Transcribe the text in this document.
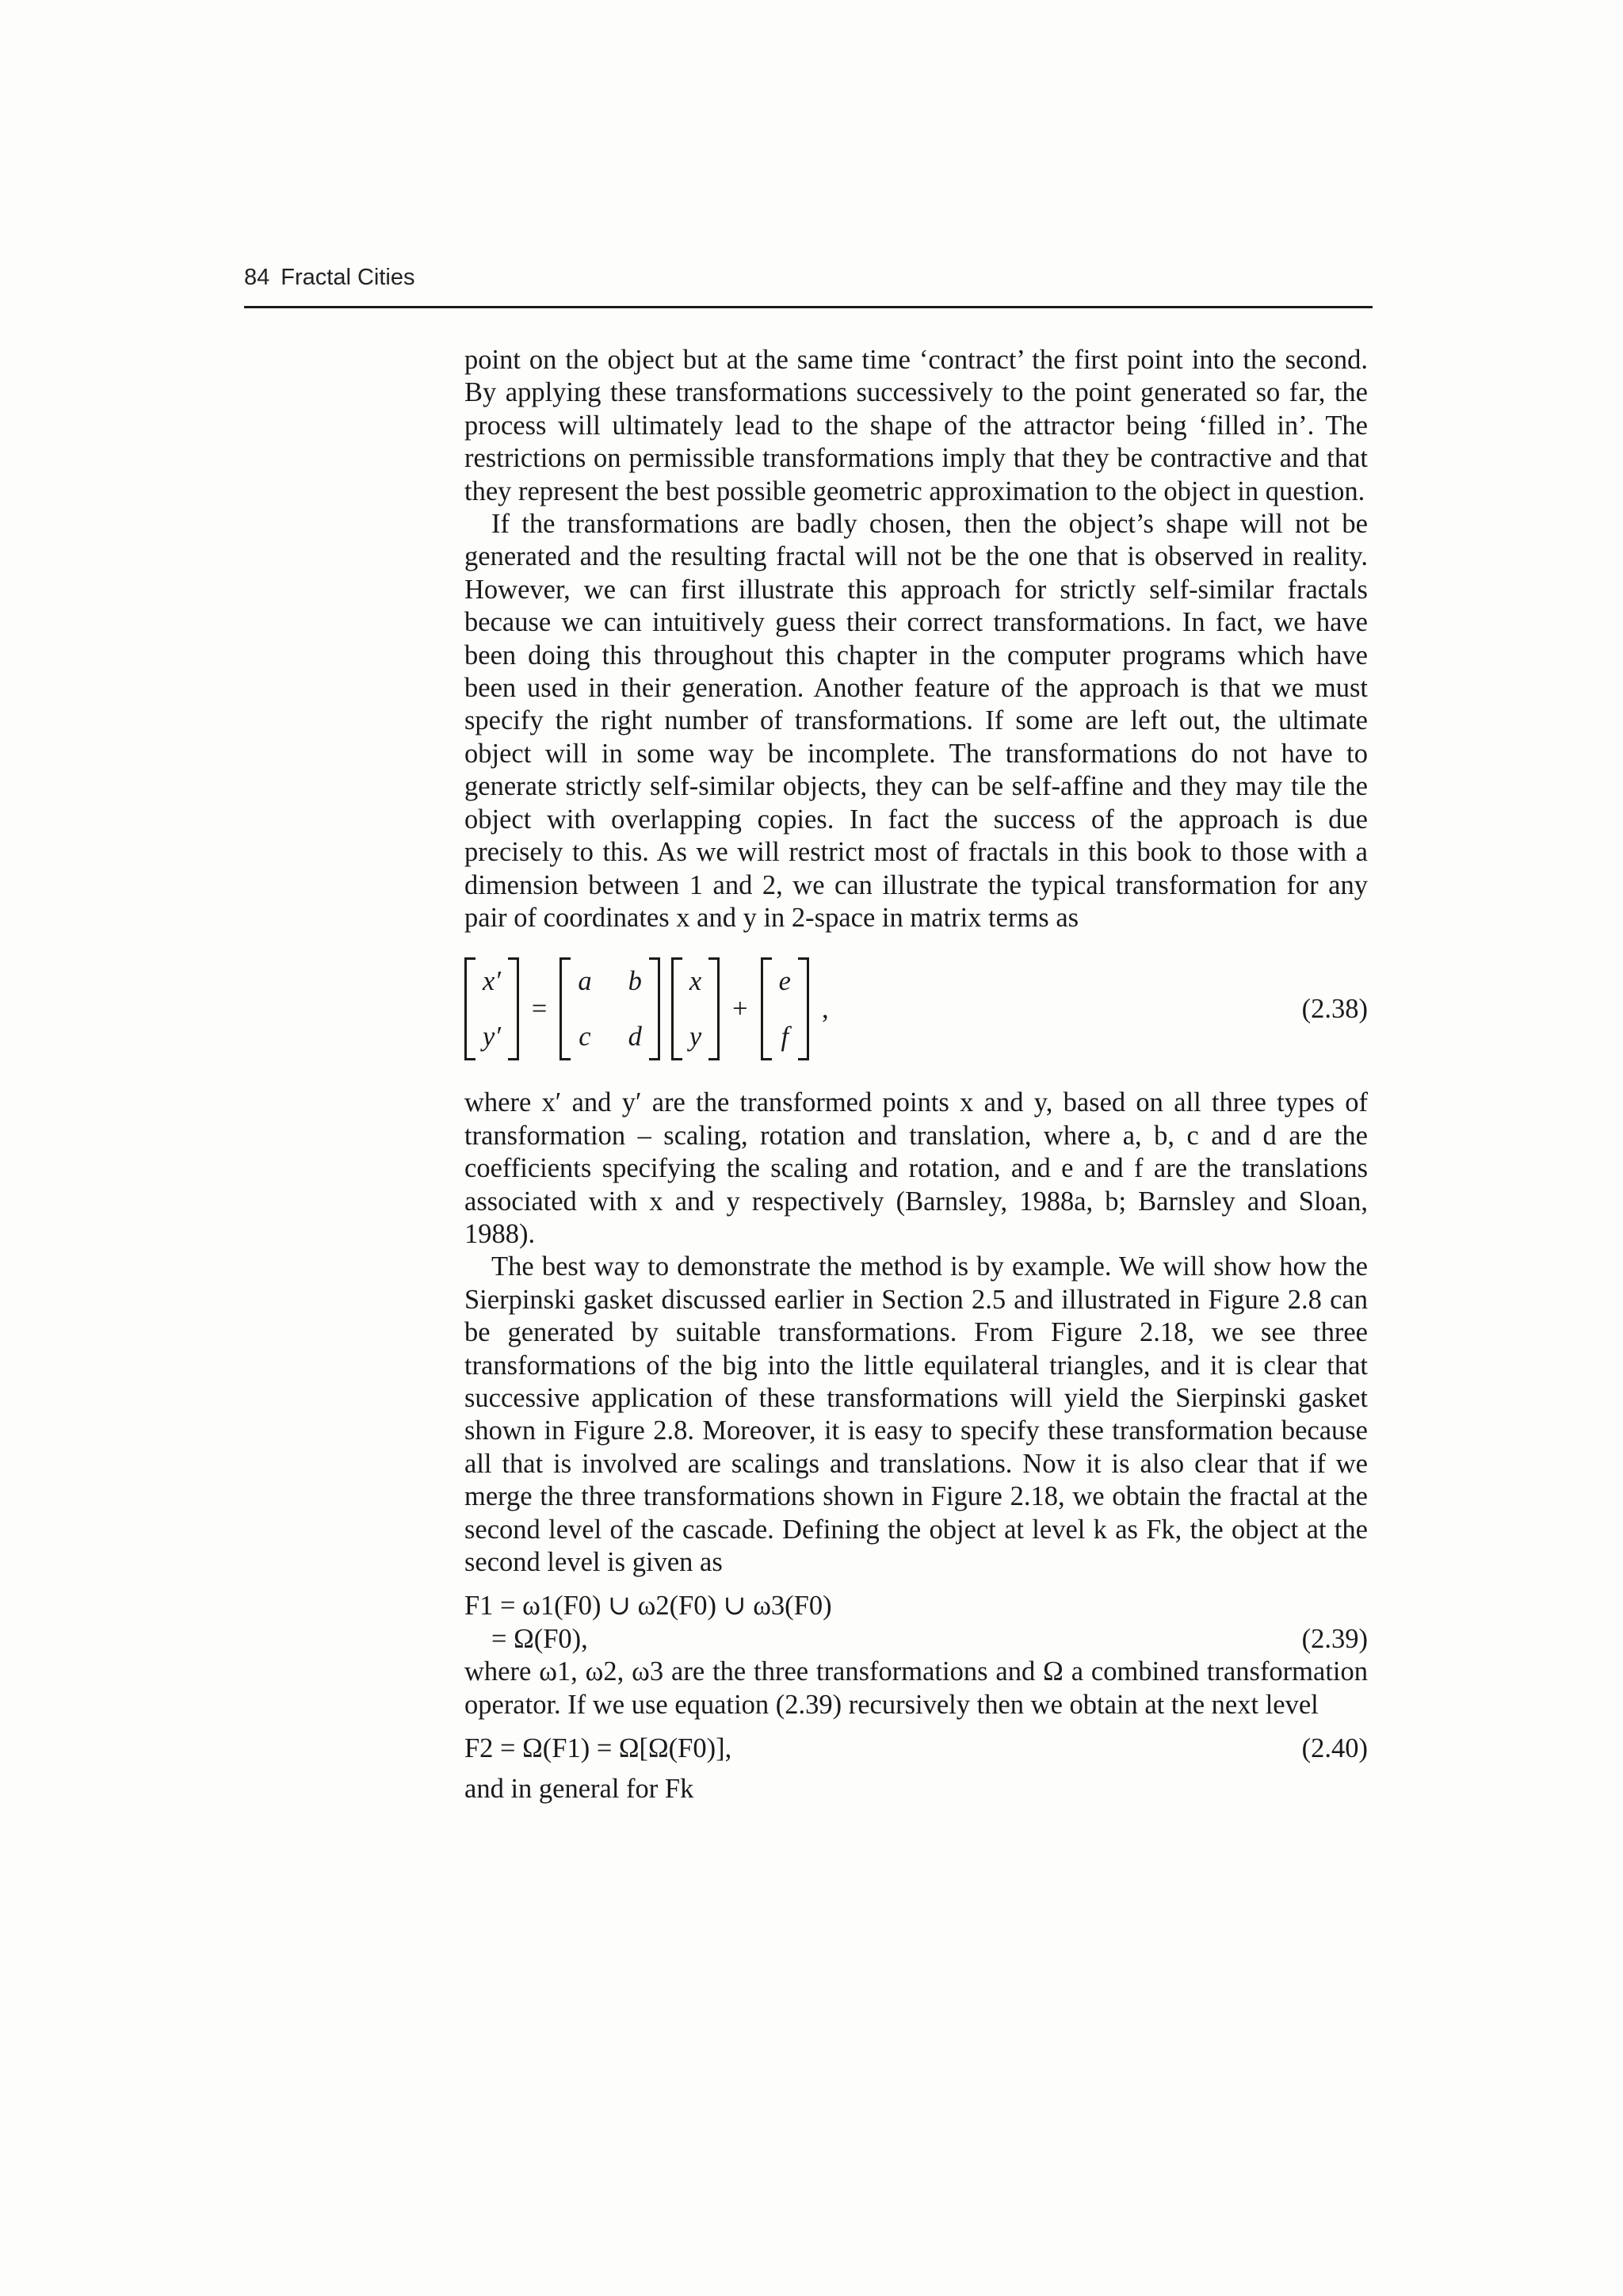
84 Fractal Cities

point on the object but at the same time ‘contract’ the first point into the second. By applying these transformations successively to the point generated so far, the process will ultimately lead to the shape of the attractor being ‘filled in’. The restrictions on permissible transformations imply that they be contractive and that they represent the best possible geometric approximation to the object in question.

If the transformations are badly chosen, then the object’s shape will not be generated and the resulting fractal will not be the one that is observed in reality. However, we can first illustrate this approach for strictly self-similar fractals because we can intuitively guess their correct transformations. In fact, we have been doing this throughout this chapter in the computer programs which have been used in their generation. Another feature of the approach is that we must specify the right number of transformations. If some are left out, the ultimate object will in some way be incomplete. The transformations do not have to generate strictly self-similar objects, they can be self-affine and they may tile the object with overlapping copies. In fact the success of the approach is due precisely to this. As we will restrict most of fractals in this book to those with a dimension between 1 and 2, we can illustrate the typical transformation for any pair of coordinates x and y in 2-space in matrix terms as

x′
y′
=
a b
c d
x
y
+
e
f
,	(2.38)

where x′ and y′ are the transformed points x and y, based on all three types of transformation – scaling, rotation and translation, where a, b, c and d are the coefficients specifying the scaling and rotation, and e and f are the translations associated with x and y respectively (Barnsley, 1988a, b; Barnsley and Sloan, 1988).

The best way to demonstrate the method is by example. We will show how the Sierpinski gasket discussed earlier in Section 2.5 and illustrated in Figure 2.8 can be generated by suitable transformations. From Figure 2.18, we see three transformations of the big into the little equilateral triangles, and it is clear that successive application of these transformations will yield the Sierpinski gasket shown in Figure 2.8. Moreover, it is easy to specify these transformation because all that is involved are scalings and translations. Now it is also clear that if we merge the three transformations shown in Figure 2.18, we obtain the fractal at the second level of the cascade. Defining the object at level k as Fk, the object at the second level is given as

F1 = ω1(F0) ∪ ω2(F0) ∪ ω3(F0)
= Ω(F0),	(2.39)

where ω1, ω2, ω3 are the three transformations and Ω a combined transformation operator. If we use equation (2.39) recursively then we obtain at the next level

F2 = Ω(F1) = Ω[Ω(F0)],	(2.40)

and in general for Fk
